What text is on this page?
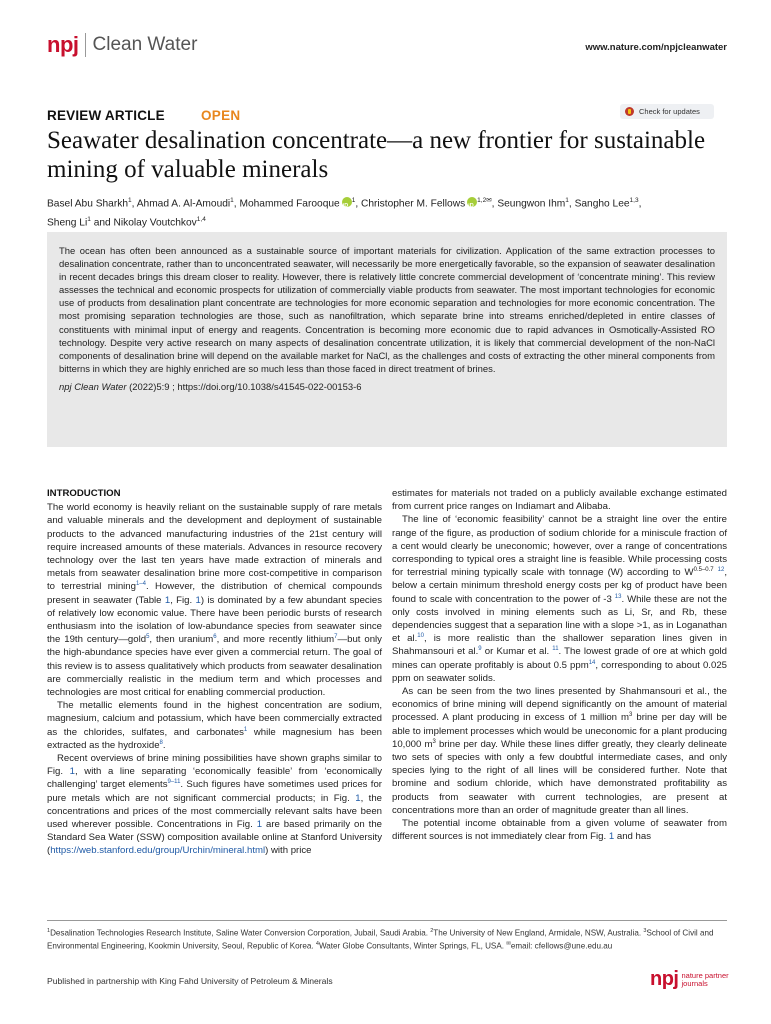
npj Clean Water	www.nature.com/npjcleanwater
REVIEW ARTICLE	OPEN	Check for updates
Seawater desalination concentrate—a new frontier for sustainable mining of valuable minerals
Basel Abu Sharkh$^1$, Ahmad A. Al-Amoudi$^1$, Mohammed Farooque iD $^1$, Christopher M. Fellows iD $^{1,2✉}$, Seungwon Ihm$^1$, Sangho Lee$^{1,3}$,
Sheng Li$^1$ and Nikolay Voutchkov$^{1,4}$
The ocean has often been announced as a sustainable source of important materials for civilization. Application of the same extraction processes to desalination concentrate, rather than to unconcentrated seawater, will necessarily be more energetically favorable, so the expansion of seawater desalination in recent decades brings this dream closer to reality. However, there is relatively little concrete commercial development of ‘concentrate mining’. This review assesses the technical and economic prospects for utilization of commercially viable products from seawater. The most important technologies for economic use of products from desalination plant concentrate are technologies for more economic separation and technologies for more economic concentration. The most promising separation technologies are those, such as nanofiltration, which separate brine into streams enriched/depleted in entire classes of constituents with minimal input of energy and reagents. Concentration is becoming more economic due to rapid advances in Osmotically-Assisted RO technology. Despite very active research on many aspects of desalination concentrate utilization, it is likely that commercial development of the non-NaCl components of desalination brine will depend on the available market for NaCl, as the challenges and costs of extracting the other mineral components from bitterns in which they are highly enriched are so much less than those faced in direct treatment of brines.
npj Clean Water (2022)5:9 ; https://doi.org/10.1038/s41545-022-00153-6
INTRODUCTION

The world economy is heavily reliant on the sustainable supply of rare metals and valuable minerals and the development and deployment of sustainable products to the advanced manufacturing industries of the 21st century will require increased amounts of these materials. Advances in resource recovery technology over the last ten years have made extraction of minerals and metals from seawater desalination brine more cost-competitive in comparison to terrestrial mining$^{1-4}$. However, the distribution of chemical compounds present in seawater (Table 1, Fig. 1) is dominated by a few abundant species of relatively low economic value. There have been periodic bursts of research enthusiasm into the isolation of low-abundance species from seawater since the 19th century—gold$^5$, then uranium$^6$, and more recently lithium$^7$—but only the high-abundance species have ever given a commercial return. The goal of this review is to assess qualitatively which products from seawater desalination are commercially realistic in the medium term and which processes and technologies are most critical for enabling commercial production.

The metallic elements found in the highest concentration are sodium, magnesium, calcium and potassium, which have been commercially extracted as the chlorides, sulfates, and carbonates$^1$ while magnesium has been extracted as the hydroxide$^8$.

Recent overviews of brine mining possibilities have shown graphs similar to Fig. 1, with a line separating ‘economically feasible’ from ‘economically challenging’ target elements$^{9-11}$. Such figures have sometimes used prices for pure metals which are not significant commercial products; in Fig. 1, the concentrations and prices of the most commercially relevant salts have been used wherever possible. Concentrations in Fig. 1 are based primarily on the Standard Sea Water (SSW) composition available online at Stanford University (https://web.stanford.edu/group/Urchin/mineral.html) with price

estimates for materials not traded on a publicly available exchange estimated from current price ranges on Indiamart and Alibaba.

The line of ‘economic feasibility’ cannot be a straight line over the entire range of the figure, as production of sodium chloride for a miniscule fraction of a cent would clearly be uneconomic; however, over a range of concentrations corresponding to typical ores a straight line is feasible. While processing costs for terrestrial mining typically scale with tonnage (W) according to $W^{0.5-0.7}$ $^{12}$, below a certain minimum threshold energy costs per kg of product have been found to scale with concentration to the power of -3 $^{13}$. While these are not the only costs involved in mining elements such as Li, Sr, and Rb, these dependencies suggest that a separation line with a slope >1, as in Loganathan et al.$^{10}$, is more realistic than the shallower separation lines given in Shahmansouri et al.$^9$ or Kumar et al. $^{11}$. The lowest grade of ore at which gold mines can operate profitably is about 0.5 ppm$^{14}$, corresponding to about 0.025 ppm on seawater solids.

As can be seen from the two lines presented by Shahmansouri et al., the economics of brine mining will depend significantly on the amount of material processed. A plant producing in excess of 1 million $m^3$ brine per day will be able to implement processes which would be uneconomic for a plant producing 10,000 $m^3$ brine per day. While these lines differ greatly, they clearly delineate two sets of species with only a few doubtful intermediate cases, and only species lying to the right of all lines will be considered further. Note that bromine and sodium chloride, which have demonstrated profitability as products from seawater with current technologies, are present at concentrations more than an order of magnitude greater than all lines.

The potential income obtainable from a given volume of seawater from different sources is not immediately clear from Fig. 1 and has

$^1$Desalination Technologies Research Institute, Saline Water Conversion Corporation, Jubail, Saudi Arabia. $^2$The University of New England, Armidale, NSW, Australia. $^3$School of Civil and Environmental Engineering, Kookmin University, Seoul, Republic of Korea. $^4$Water Globe Consultants, Winter Springs, FL, USA. ✉email: cfellows@une.edu.au
Published in partnership with King Fahd University of Petroleum & Minerals	npj nature partner
journals
